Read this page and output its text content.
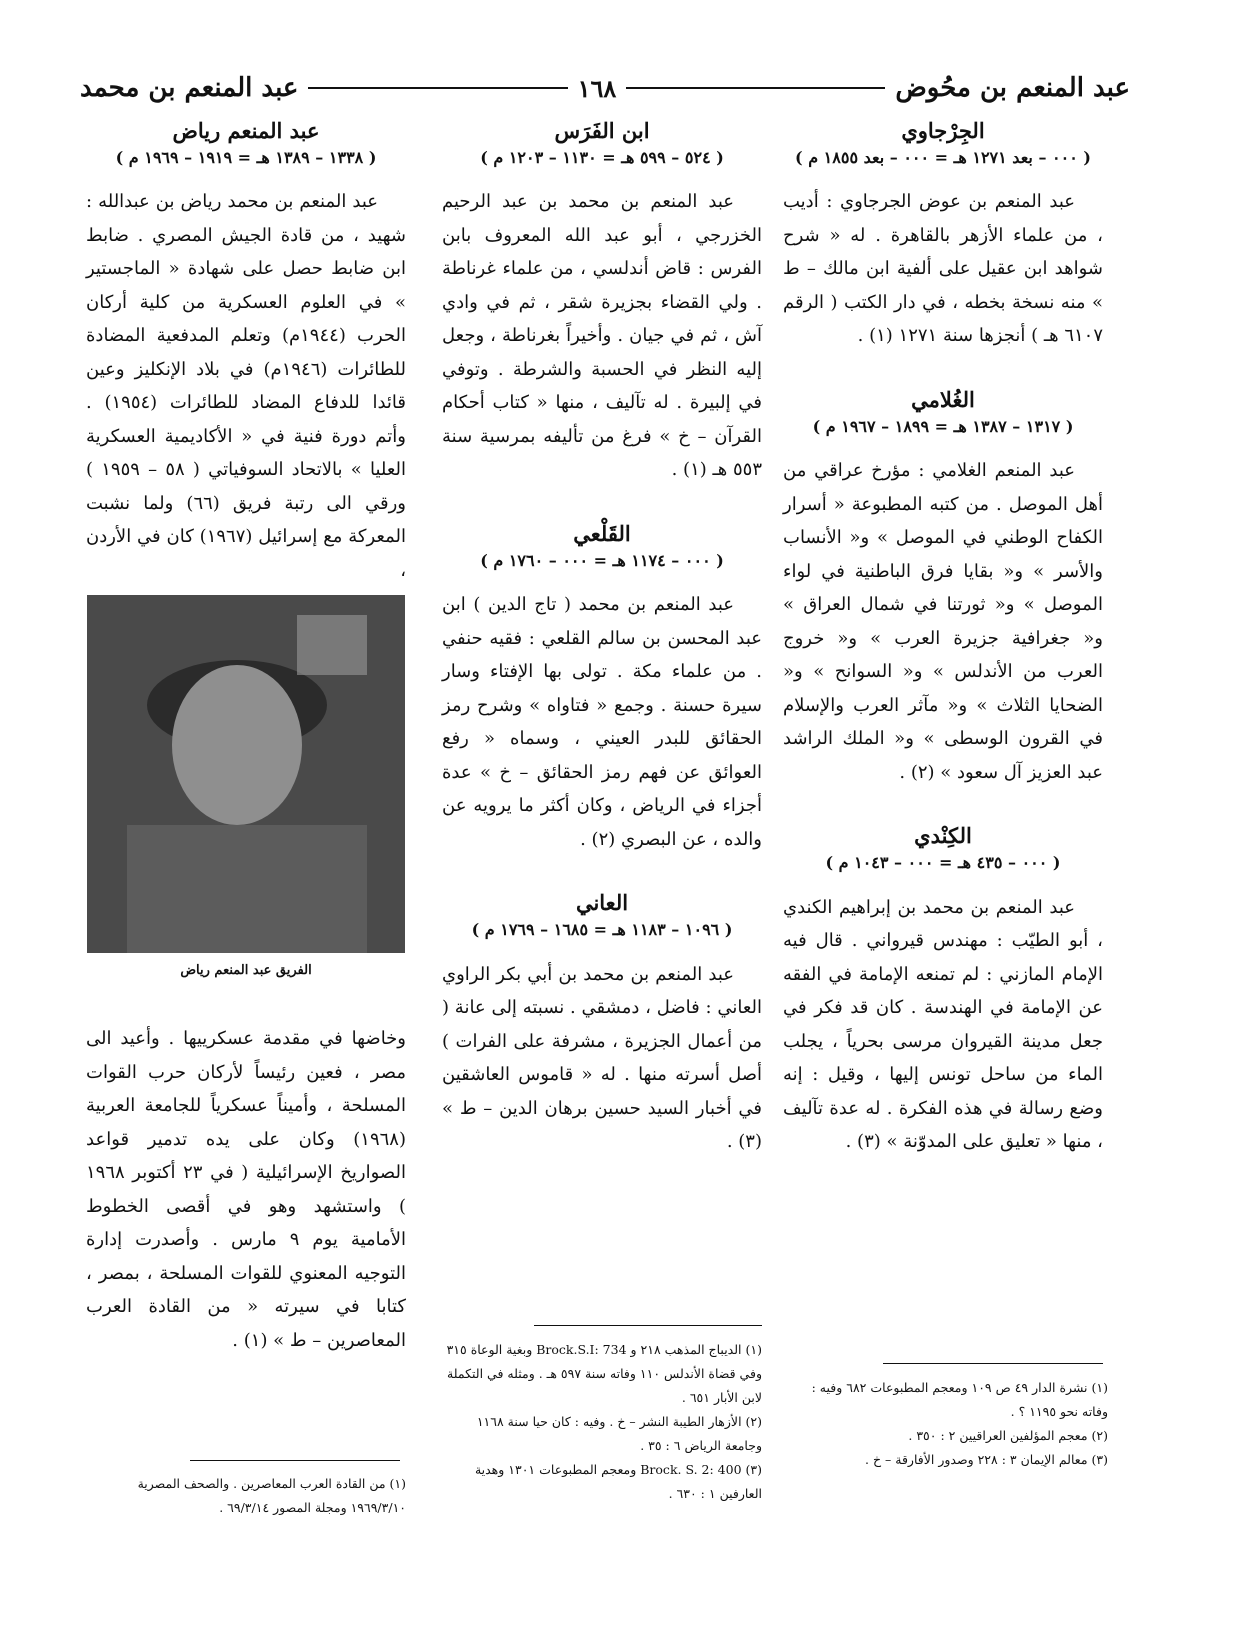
عبد المنعم بن محُوض
١٦٨
عبد المنعم بن محمد
الجِرْجاوي

( ٠٠٠ – بعد ١٢٧١ هـ = ٠٠٠ – بعد ١٨٥٥ م )

عبد المنعم بن عوض الجرجاوي : أديب ، من علماء الأزهر بالقاهرة . له « شرح شواهد ابن عقيل على ألفية ابن مالك – ط » منه نسخة بخطه ، في دار الكتب ( الرقم ٦١٠٧ هـ ) أنجزها سنة ١٢٧١ (١) .

الغُلامي

( ١٣١٧ – ١٣٨٧ هـ = ١٨٩٩ – ١٩٦٧ م )

عبد المنعم الغلامي : مؤرخ عراقي من أهل الموصل . من كتبه المطبوعة « أسرار الكفاح الوطني في الموصل » و« الأنساب والأسر » و« بقايا فرق الباطنية في لواء الموصل » و« ثورتنا في شمال العراق » و« جغرافية جزيرة العرب » و« خروج العرب من الأندلس » و« السوانح » و« الضحايا الثلاث » و« مآثر العرب والإسلام في القرون الوسطى » و« الملك الراشد عبد العزيز آل سعود » (٢) .

الكِنْدي

( ٠٠٠ – ٤٣٥ هـ = ٠٠٠ – ١٠٤٣ م )

عبد المنعم بن محمد بن إبراهيم الكندي ، أبو الطيّب : مهندس قيرواني . قال فيه الإمام المازني : لم تمنعه الإمامة في الفقه عن الإمامة في الهندسة . كان قد فكر في جعل مدينة القيروان مرسى بحرياً ، يجلب الماء من ساحل تونس إليها ، وقيل : إنه وضع رسالة في هذه الفكرة . له عدة تآليف ، منها « تعليق على المدوّنة » (٣) .

ابن الفَرَس

( ٥٢٤ – ٥٩٩ هـ = ١١٣٠ – ١٢٠٣ م )

عبد المنعم بن محمد بن عبد الرحيم الخزرجي ، أبو عبد الله المعروف بابن الفرس : قاض أندلسي ، من علماء غرناطة . ولي القضاء بجزيرة شقر ، ثم في وادي آش ، ثم في جيان . وأخيراً بغرناطة ، وجعل إليه النظر في الحسبة والشرطة . وتوفي في إلبيرة . له تآليف ، منها « كتاب أحكام القرآن – خ » فرغ من تأليفه بمرسية سنة ٥٥٣ هـ (١) .

القَلْعي

( ٠٠٠ – ١١٧٤ هـ = ٠٠٠ – ١٧٦٠ م )

عبد المنعم بن محمد ( تاج الدين ) ابن عبد المحسن بن سالم القلعي : فقيه حنفي . من علماء مكة . تولى بها الإفتاء وسار سيرة حسنة . وجمع « فتاواه » وشرح رمز الحقائق للبدر العيني ، وسماه « رفع العوائق عن فهم رمز الحقائق – خ » عدة أجزاء في الرياض ، وكان أكثر ما يرويه عن والده ، عن البصري (٢) .

العاني

( ١٠٩٦ – ١١٨٣ هـ = ١٦٨٥ – ١٧٦٩ م )

عبد المنعم بن محمد بن أبي بكر الراوي العاني : فاضل ، دمشقي . نسبته إلى عانة ( من أعمال الجزيرة ، مشرفة على الفرات ) أصل أسرته منها . له « قاموس العاشقين في أخبار السيد حسين برهان الدين – ط » (٣) .

عبد المنعم رياض

( ١٣٣٨ – ١٣٨٩ هـ = ١٩١٩ – ١٩٦٩ م )

عبد المنعم بن محمد رياض بن عبدالله : شهيد ، من قادة الجيش المصري . ضابط ابن ضابط حصل على شهادة « الماجستير » في العلوم العسكرية من كلية أركان الحرب (١٩٤٤م) وتعلم المدفعية المضادة للطائرات (١٩٤٦م) في بلاد الإنكليز وعين قائدا للدفاع المضاد للطائرات (١٩٥٤) . وأتم دورة فنية في « الأكاديمية العسكرية العليا » بالاتحاد السوفياتي ( ٥٨ – ١٩٥٩ ) ورقي الى رتبة فريق (٦٦) ولما نشبت المعركة مع إسرائيل (١٩٦٧) كان في الأردن ،

الفريق عبد المنعم رياض

وخاضها في مقدمة عسكرييها . وأعيد الى مصر ، فعين رئيساً لأركان حرب القوات المسلحة ، وأميناً عسكرياً للجامعة العربية (١٩٦٨) وكان على يده تدمير قواعد الصواريخ الإسرائيلية ( في ٢٣ أكتوبر ١٩٦٨ ) واستشهد وهو في أقصى الخطوط الأمامية يوم ٩ مارس . وأصدرت إدارة التوجيه المعنوي للقوات المسلحة ، بمصر ، كتابا في سيرته « من القادة العرب المعاصرين – ط » (١) .

(١) نشرة الدار ٤٩ ص ١٠٩ ومعجم المطبوعات ٦٨٢ وفيه : وفاته نحو ١١٩٥ ؟ .

(٢) معجم المؤلفين العراقيين ٢ : ٣٥٠ .

(٣) معالم الإيمان ٣ : ٢٢٨ وصدور الأفارقة – خ .

(١) الديباج المذهب ٢١٨ و Brock.S.I: 734 وبغية الوعاة ٣١٥ وفي قضاة الأندلس ١١٠ وفاته سنة ٥٩٧ هـ . ومثله في التكملة لابن الأبار ٦٥١ .

(٢) الأزهار الطيبة النشر – خ . وفيه : كان حيا سنة ١١٦٨ وجامعة الرياض ٦ : ٣٥ .

(٣) Brock. S. 2: 400 ومعجم المطبوعات ١٣٠١ وهدية العارفين ١ : ٦٣٠ .

(١) من القادة العرب المعاصرين . والصحف المصرية ١٩٦٩/٣/١٠ ومجلة المصور ٦٩/٣/١٤ .
